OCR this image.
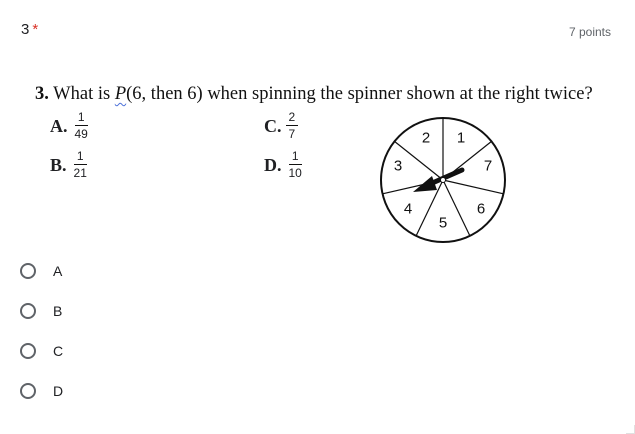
3 *	7 points
3. What is P(6, then 6) when spinning the spinner shown at the right twice?
A. $\frac{1}{49}$
B. $\frac{1}{21}$
C. $\frac{2}{7}$
D. $\frac{1}{10}$
1
7
6
5
4
3
2
A
B
C
D
